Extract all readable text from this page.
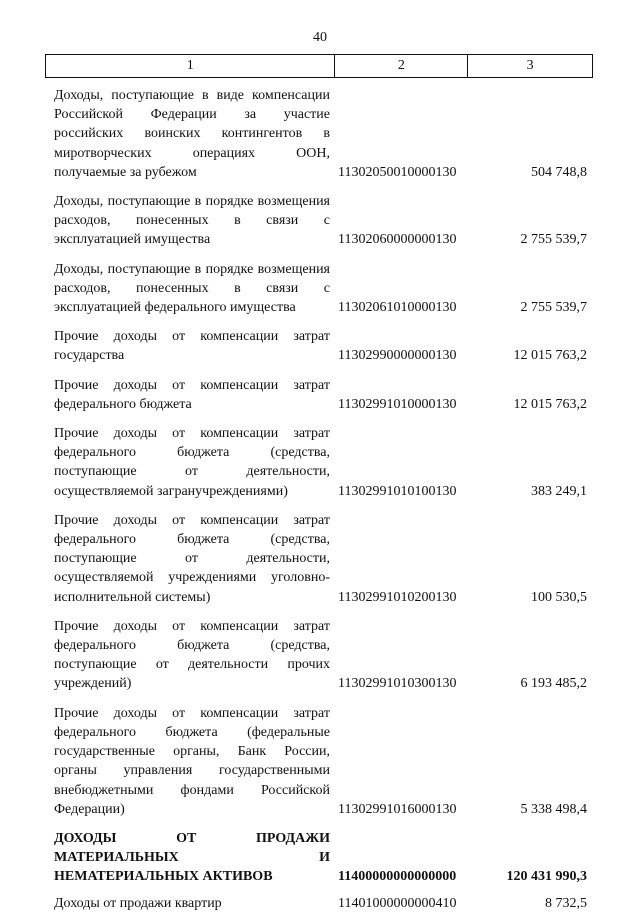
40
1	2	3
Доходы, поступающие в виде компенсации Российской Федерации за участие российских воинских контингентов в миротворческих операциях ООН, получаемые за рубежом	11302050010000130	504 748,8
Доходы, поступающие в порядке возмещения расходов, понесенных в связи с эксплуатацией имущества	11302060000000130	2 755 539,7
Доходы, поступающие в порядке возмещения расходов, понесенных в связи с эксплуатацией федерального имущества	11302061010000130	2 755 539,7
Прочие доходы от компенсации затрат государства	11302990000000130	12 015 763,2
Прочие доходы от компенсации затрат федерального бюджета	11302991010000130	12 015 763,2
Прочие доходы от компенсации затрат федерального бюджета (средства, поступающие от деятельности, осуществляемой загранучреждениями)	11302991010100130	383 249,1
Прочие доходы от компенсации затрат федерального бюджета (средства, поступающие от деятельности, осуществляемой учреждениями уголовно-исполнительной системы)	11302991010200130	100 530,5
Прочие доходы от компенсации затрат федерального бюджета (средства, поступающие от деятельности прочих учреждений)	11302991010300130	6 193 485,2
Прочие доходы от компенсации затрат федерального бюджета (федеральные государственные органы, Банк России, органы управления государственными внебюджетными фондами Российской Федерации)	11302991016000130	5 338 498,4
ДОХОДЫ ОТ ПРОДАЖИ МАТЕРИАЛЬНЫХ И НЕМАТЕРИАЛЬНЫХ АКТИВОВ	11400000000000000	120 431 990,3
Доходы от продажи квартир	11401000000000410	8 732,5
